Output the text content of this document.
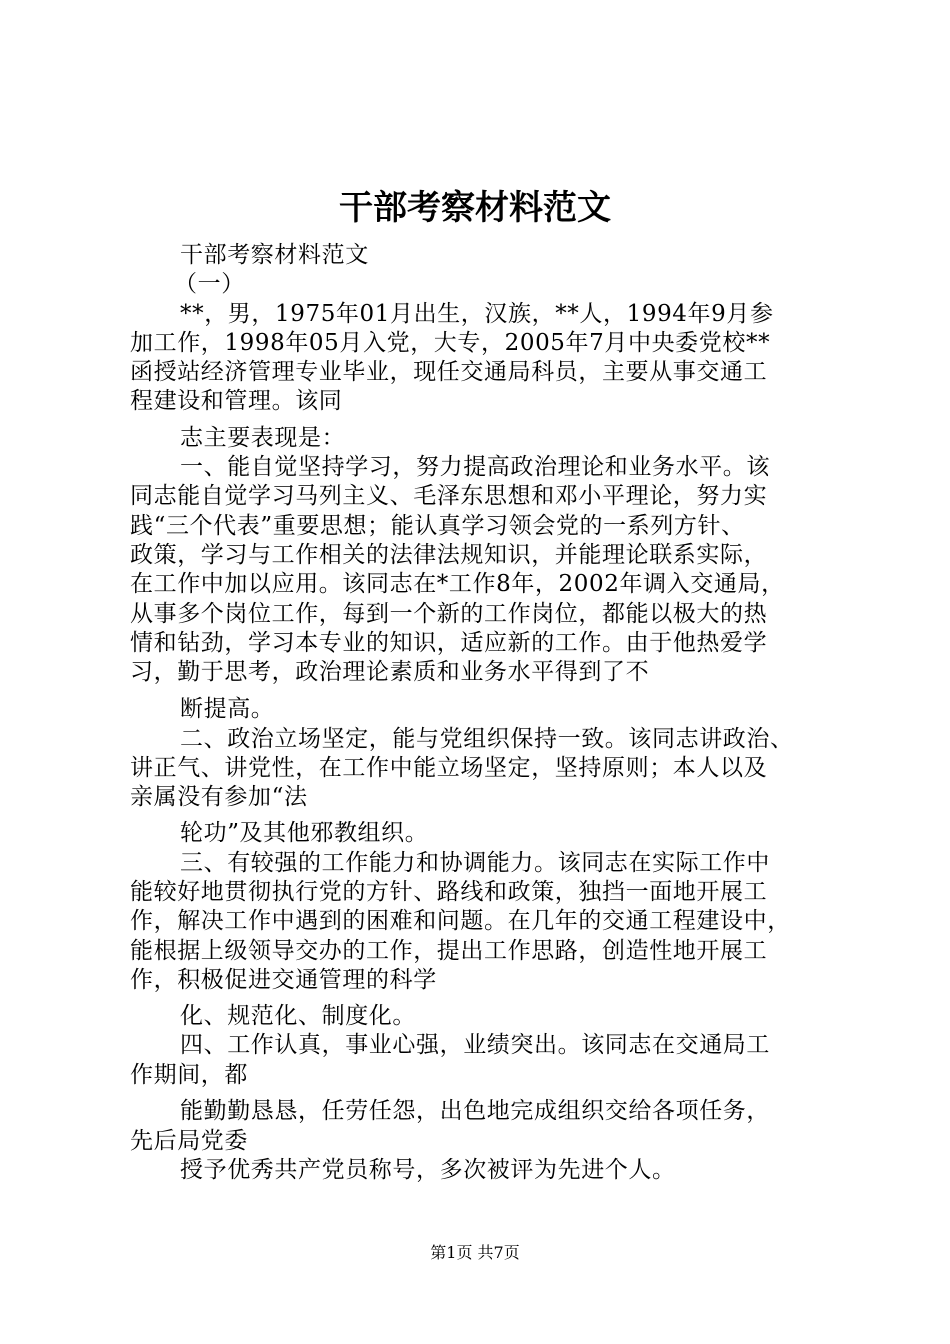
干部考察材料范文
干部考察材料范文
（一）
**，男，1975年01月出生，汉族，**人，1994年9月参
加工作，1998年05月入党，大专，2005年7月中央委党校**
函授站经济管理专业毕业，现任交通局科员，主要从事交通工
程建设和管理。该同
志主要表现是：
一、能自觉坚持学习，努力提高政治理论和业务水平。该
同志能自觉学习马列主义、毛泽东思想和邓小平理论，努力实
践“三个代表”重要思想；能认真学习领会党的一系列方针、
政策，学习与工作相关的法律法规知识，并能理论联系实际，
在工作中加以应用。该同志在*工作8年，2002年调入交通局，
从事多个岗位工作，每到一个新的工作岗位，都能以极大的热
情和钻劲，学习本专业的知识，适应新的工作。由于他热爱学
习，勤于思考，政治理论素质和业务水平得到了不
断提高。
二、政治立场坚定，能与党组织保持一致。该同志讲政治、
讲正气、讲党性，在工作中能立场坚定，坚持原则；本人以及
亲属没有参加“法
轮功”及其他邪教组织。
三、有较强的工作能力和协调能力。该同志在实际工作中
能较好地贯彻执行党的方针、路线和政策，独挡一面地开展工
作，解决工作中遇到的困难和问题。在几年的交通工程建设中，
能根据上级领导交办的工作，提出工作思路，创造性地开展工
作，积极促进交通管理的科学
化、规范化、制度化。
四、工作认真，事业心强，业绩突出。该同志在交通局工
作期间，都
能勤勤恳恳，任劳任怨，出色地完成组织交给各项任务，
先后局党委
授予优秀共产党员称号，多次被评为先进个人。
第1页 共7页
